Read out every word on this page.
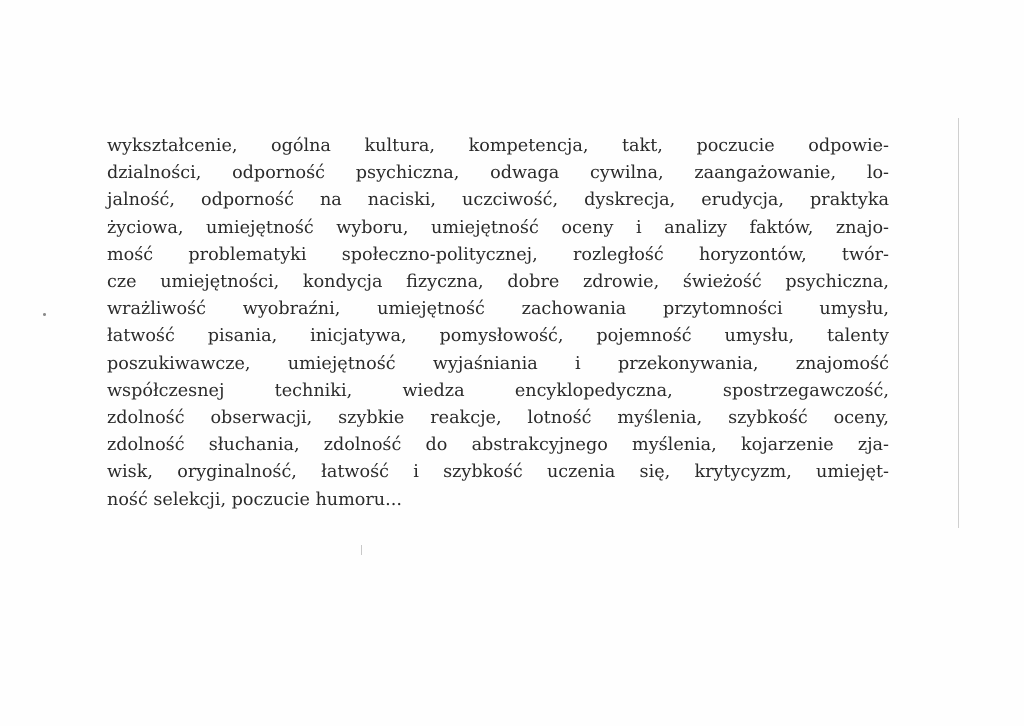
wykształcenie, ogólna kultura, kompetencja, takt, poczucie odpowie-
dzialności, odporność psychiczna, odwaga cywilna, zaangażowanie, lo-
jalność, odporność na naciski, uczciwość, dyskrecja, erudycja, praktyka
życiowa, umiejętność wyboru, umiejętność oceny i analizy faktów, znajo-
mość problematyki społeczno-politycznej, rozległość horyzontów, twór-
cze umiejętności, kondycja fizyczna, dobre zdrowie, świeżość psychiczna,
wrażliwość wyobraźni, umiejętność zachowania przytomności umysłu,
łatwość pisania, inicjatywa, pomysłowość, pojemność umysłu, talenty
poszukiwawcze, umiejętność wyjaśniania i przekonywania, znajomość
współczesnej techniki, wiedza encyklopedyczna, spostrzegawczość,
zdolność obserwacji, szybkie reakcje, lotność myślenia, szybkość oceny,
zdolność słuchania, zdolność do abstrakcyjnego myślenia, kojarzenie zja-
wisk, oryginalność, łatwość i szybkość uczenia się, krytycyzm, umiejęt-
ność selekcji, poczucie humoru...
